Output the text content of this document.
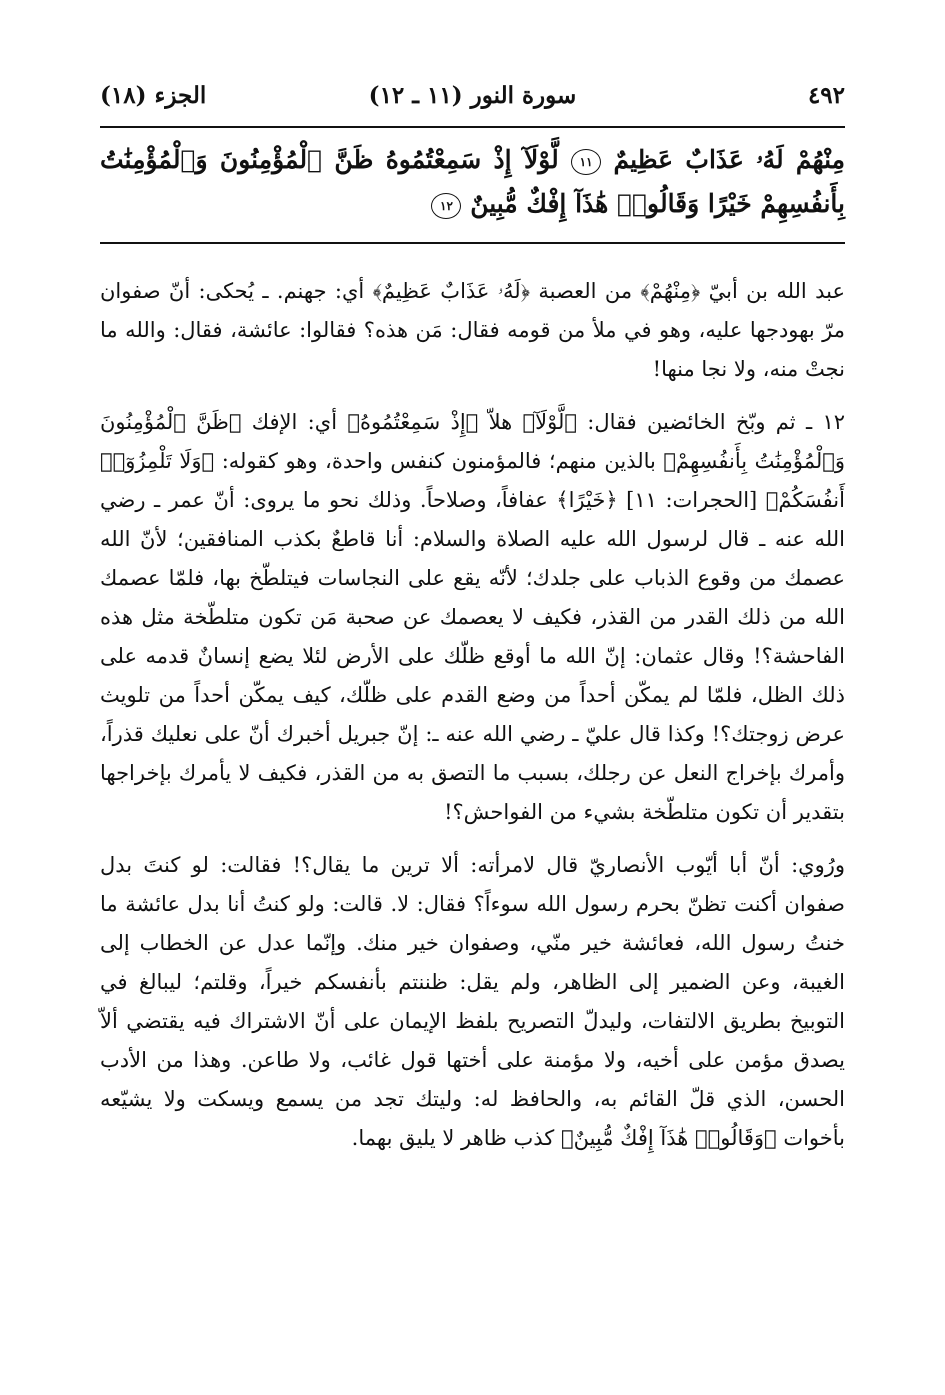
٤٩٢
سورة النور (١١ ـ ١٢)
الجزء (١٨)
مِنْهُمْ لَهُۥ عَذَابٌ عَظِيمٌ ١١ لَّوْلَآ إِذْ سَمِعْتُمُوهُ ظَنَّ ٱلْمُؤْمِنُونَ وَٱلْمُؤْمِنَٰتُ بِأَنفُسِهِمْ خَيْرًا وَقَالُوا۟ هَٰذَآ إِفْكٌ مُّبِينٌ ١٢

عبد الله بن أبيّ ﴿مِنْهُمْ﴾ من العصبة ﴿لَهُۥ عَذَابٌ عَظِيمٌ﴾ أي: جهنم. ـ يُحكى: أنّ صفوان مرّ بهودجها عليه، وهو في ملأ من قومه فقال: مَن هذه؟ فقالوا: عائشة، فقال: والله ما نجتْ منه، ولا نجا منها!

١٢ ـ ثم وبّخ الخائضين فقال: ﴿لَّوْلَآ﴾ هلاّ ﴿إِذْ سَمِعْتُمُوهُ﴾ أي: الإفك ﴿ظَنَّ ٱلْمُؤْمِنُونَ وَٱلْمُؤْمِنَٰتُ بِأَنفُسِهِمْ﴾ بالذين منهم؛ فالمؤمنون كنفس واحدة، وهو كقوله: ﴿وَلَا تَلْمِزُوٓا۟ أَنفُسَكُمْ﴾ [الحجرات: ١١] ﴿خَيْرًا﴾ عفافاً، وصلاحاً. وذلك نحو ما يروى: أنّ عمر ـ رضي الله عنه ـ قال لرسول الله عليه الصلاة والسلام: أنا قاطعٌ بكذب المنافقين؛ لأنّ الله عصمك من وقوع الذباب على جلدك؛ لأنّه يقع على النجاسات فيتلطّخ بها، فلمّا عصمك الله من ذلك القدر من القذر، فكيف لا يعصمك عن صحبة مَن تكون متلطّخة مثل هذه الفاحشة؟! وقال عثمان: إنّ الله ما أوقع ظلّك على الأرض لئلا يضع إنسانٌ قدمه على ذلك الظل، فلمّا لم يمكّن أحداً من وضع القدم على ظلّك، كيف يمكّن أحداً من تلويث عرض زوجتك؟! وكذا قال عليّ ـ رضي الله عنه ـ: إنّ جبريل أخبرك أنّ على نعليك قذراً، وأمرك بإخراج النعل عن رجلك، بسبب ما التصق به من القذر، فكيف لا يأمرك بإخراجها بتقدير أن تكون متلطّخة بشيء من الفواحش؟!

ورُوي: أنّ أبا أيّوب الأنصاريّ قال لامرأته: ألا ترين ما يقال؟! فقالت: لو كنتَ بدل صفوان أكنت تظنّ بحرم رسول الله سوءاً؟ فقال: لا. قالت: ولو كنتُ أنا بدل عائشة ما خنتُ رسول الله، فعائشة خير منّي، وصفوان خير منك. وإنّما عدل عن الخطاب إلى الغيبة، وعن الضمير إلى الظاهر، ولم يقل: ظننتم بأنفسكم خيراً، وقلتم؛ ليبالغ في التوبيخ بطريق الالتفات، وليدلّ التصريح بلفظ الإيمان على أنّ الاشتراك فيه يقتضي ألاّ يصدق مؤمن على أخيه، ولا مؤمنة على أختها قول غائب، ولا طاعن. وهذا من الأدب الحسن، الذي قلّ القائم به، والحافظ له: وليتك تجد من يسمع ويسكت ولا يشيّعه بأخوات ﴿وَقَالُوا۟ هَٰذَآ إِفْكٌ مُّبِينٌ﴾ كذب ظاهر لا يليق بهما.
